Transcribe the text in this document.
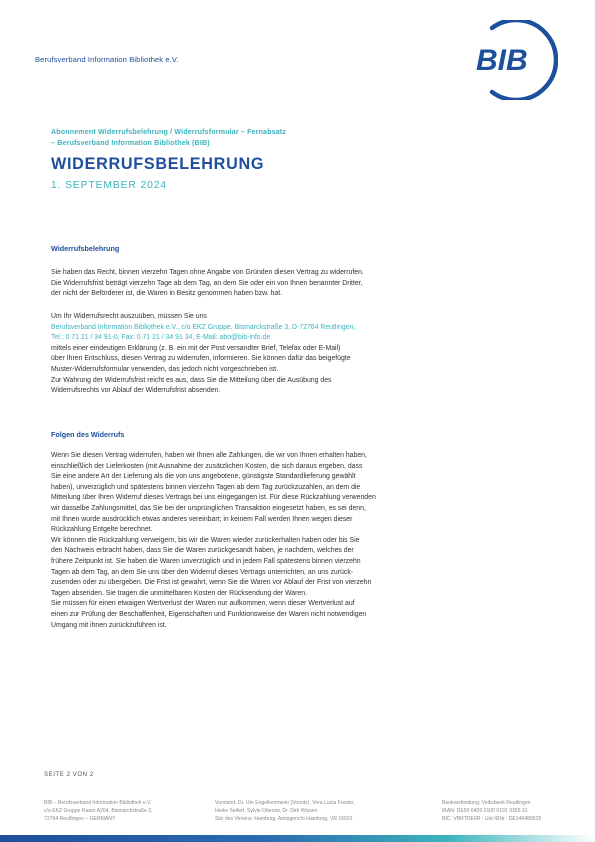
Berufsverband Information Bibliothek e.V.	BIB
Abonnement Widerrufsbelehrung / Widerrufsformular – Fernabsatz
– Berufsverband Information Bibliothek (BIB)
WIDERRUFSBELEHRUNG
1. SEPTEMBER 2024
Widerrufsbelehrung
Sie haben das Recht, binnen vierzehn Tagen ohne Angabe von Gründen diesen Vertrag zu widerrufen.
Die Widerrufsfrist beträgt vierzehn Tage ab dem Tag, an dem Sie oder ein von Ihnen benannter Dritter,
der nicht der Beförderer ist, die Waren in Besitz genommen haben bzw. hat.
Um Ihr Widerrufsrecht auszuüben, müssen Sie uns
Berufsverband Information Bibliothek e.V., c/o EKZ Gruppe, Bismarckstraße 3, D-72764 Reutlingen,
Tel.: 0 71 21 / 34 91-0, Fax: 0 71 21 / 34 91 34, E-Mail: abo@bib-info.de
mittels einer eindeutigen Erklärung (z. B. ein mit der Post versandter Brief, Telefax oder E-Mail)
über Ihren Entschluss, diesen Vertrag zu widerrufen, informieren. Sie können dafür das beigefügte
Muster-Widerrufsformular verwenden, das jedoch nicht vorgeschrieben ist.
Zur Wahrung der Widerrufsfrist reicht es aus, dass Sie die Mitteilung über die Ausübung des
Widerrufsrechts vor Ablauf der Widerrufsfrist absenden.
Folgen des Widerrufs
Wenn Sie diesen Vertrag widerrufen, haben wir Ihnen alle Zahlungen, die wir von Ihnen erhalten haben,
einschließlich der Lieferkosten (mit Ausnahme der zusätzlichen Kosten, die sich daraus ergeben, dass
Sie eine andere Art der Lieferung als die von uns angebotene, günstigste Standardlieferung gewählt
haben), unverzüglich und spätestens binnen vierzehn Tagen ab dem Tag zurückzuzahlen, an dem die
Mitteilung über Ihren Widerruf dieses Vertrags bei uns eingegangen ist. Für diese Rückzahlung verwenden
wir dasselbe Zahlungsmittel, das Sie bei der ursprünglichen Transaktion eingesetzt haben, es sei denn,
mit Ihnen wurde ausdrücklich etwas anderes vereinbart; in keinem Fall werden Ihnen wegen dieser
Rückzahlung Entgelte berechnet.
Wir können die Rückzahlung verweigern, bis wir die Waren wieder zurückerhalten haben oder bis Sie
den Nachweis erbracht haben, dass Sie die Waren zurückgesandt haben, je nachdem, welches der
frühere Zeitpunkt ist. Sie haben die Waren unverzüglich und in jedem Fall spätestens binnen vierzehn
Tagen ab dem Tag, an dem Sie uns über den Widerruf dieses Vertrags unterrichten, an uns zurück-
zusenden oder zu übergeben. Die Frist ist gewahrt, wenn Sie die Waren vor Ablauf der Frist von vierzehn
Tagen absenden. Sie tragen die unmittelbaren Kosten der Rücksendung der Waren.
Sie müssen für einen etwaigen Wertverlust der Waren nur aufkommen, wenn dieser Wertverlust auf
einen zur Prüfung der Beschaffenheit, Eigenschaften und Funktionsweise der Waren nicht notwendigen
Umgang mit ihnen zurückzuführen ist.
SEITE 2 VON 2
BIB – Berufsverband Information Bibliothek e.V.
c/o EKZ Gruppe Raum A264, Bismarckstraße 3,
72764 Reutlingen – GERMANY
Vorstand: Dr. Ute Engelkenmeier (Vorsitz), Vera Lucia Forster,
Heike Seifert, Sylvie Otterow, Dr. Dirk Wissen
Sitz des Vereins: Hamburg, Amtsgericht Hamburg, VR 16631
Bankverbindung: Volksbank Reutlingen
IBAN: DE50 6409 0100 0191 3365 31
BIC: VBRTDE6R · Ust-IDNr.: DE146486535
